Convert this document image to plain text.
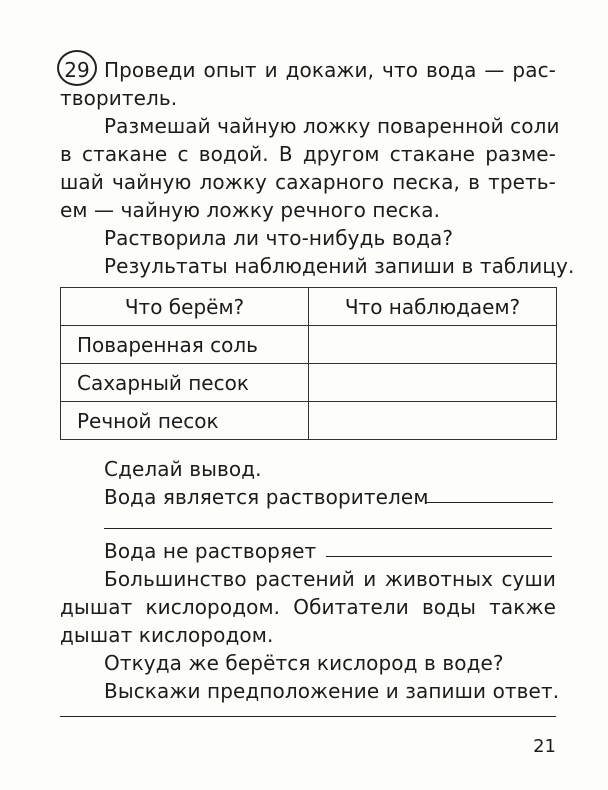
29 Проведи опыт и докажи, что вода — рас-
творитель.
Размешай чайную ложку поваренной соли
в стакане с водой. В другом стакане разме-
шай чайную ложку сахарного песка, в треть-
ем — чайную ложку речного песка.
Растворила ли что-нибудь вода?
Результаты наблюдений запиши в таблицу.
Что берём?	Что наблюдаем?
Поваренная соль	
Сахарный песок	
Речной песок	
Сделай вывод.
Вода является растворителем
Вода не растворяет
Большинство растений и животных суши
дышат кислородом. Обитатели воды также
дышат кислородом.
Откуда же берётся кислород в воде?
Выскажи предположение и запиши ответ.
21
